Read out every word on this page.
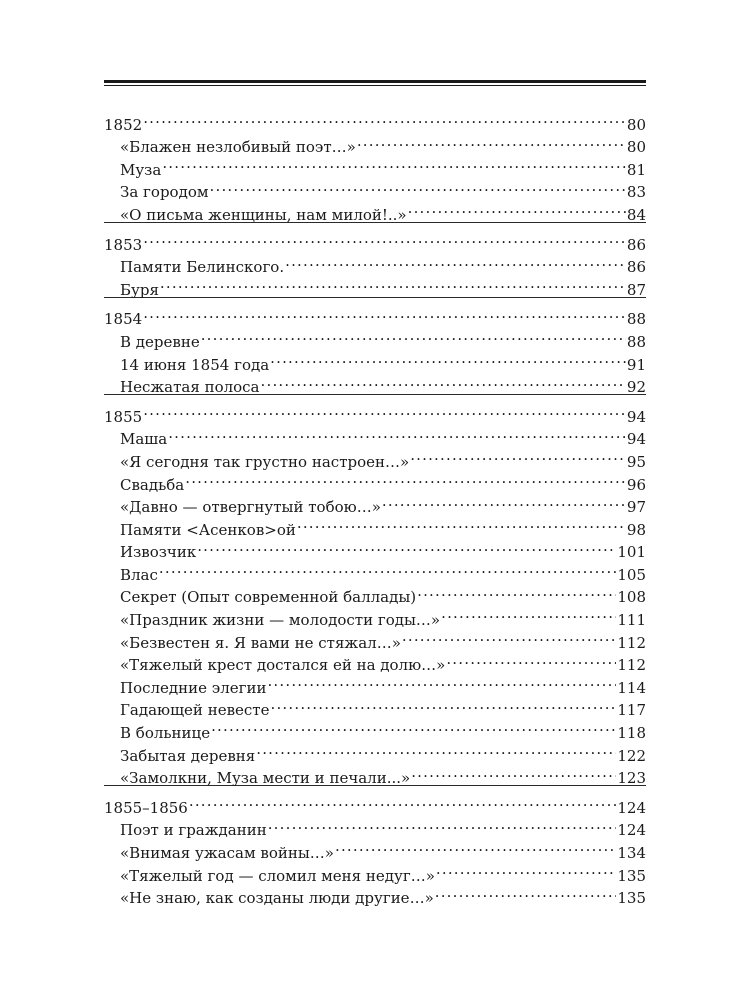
1852 .....	80
«Блажен незлобивый поэт…» .....	80
Муза .....	81
За городом .....	83
«О письма женщины, нам милой!..» .....	84
1853 .....	86
Памяти Белинского. .....	86
Буря .....	87
1854 .....	88
В деревне .....	88
14 июня 1854 года .....	91
Несжатая полоса .....	92
1855 .....	94
Маша .....	94
«Я сегодня так грустно настроен…» .....	95
Свадьба .....	96
«Давно — отвергнутый тобою…» .....	97
Памяти <Асенков>ой .....	98
Извозчик .....	101
Влас .....	105
Секрет (Опыт современной баллады) .....	108
«Праздник жизни — молодости годы…» .....	111
«Безвестен я. Я вами не стяжал…» .....	112
«Тяжелый крест достался ей на долю…» .....	112
Последние элегии .....	114
Гадающей невесте .....	117
В больнице .....	118
Забытая деревня .....	122
«Замолкни, Муза мести и печали...» .....	123
1855–1856 .....	124
Поэт и гражданин .....	124
«Внимая ужасам войны…» .....	134
«Тяжелый год — сломил меня недуг…» .....	135
«Не знаю, как созданы люди другие…» .....	135
